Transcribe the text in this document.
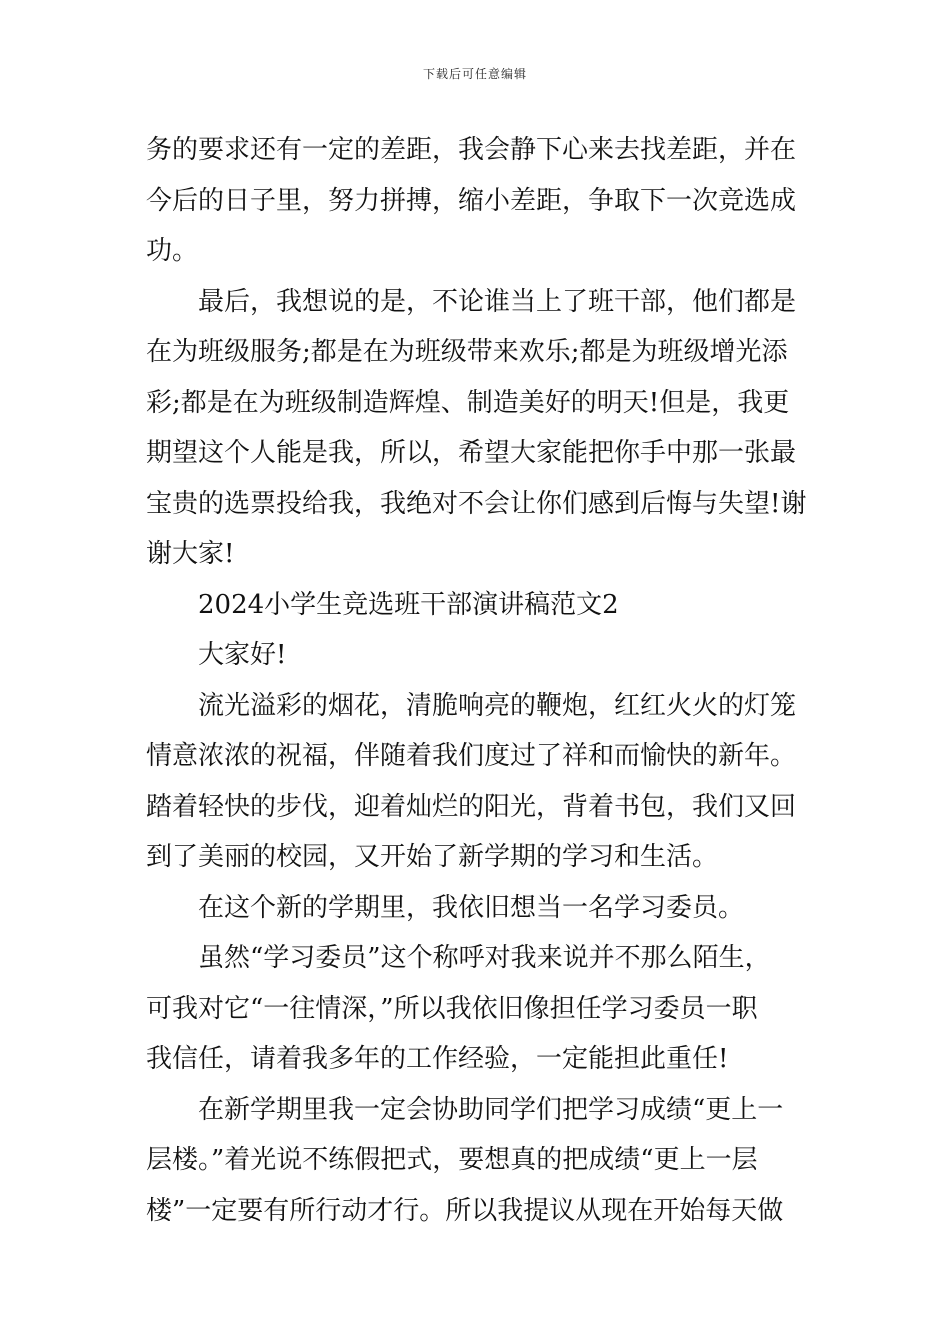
下载后可任意编辑
务的要求还有一定的差距，我会静下心来去找差距，并在
今后的日子里，努力拼搏，缩小差距，争取下一次竞选成
功。
最后，我想说的是，不论谁当上了班干部，他们都是
在为班级服务;都是在为班级带来欢乐;都是为班级增光添
彩;都是在为班级制造辉煌、制造美好的明天!但是，我更
期望这个人能是我，所以，希望大家能把你手中那一张最
宝贵的选票投给我，我绝对不会让你们感到后悔与失望!谢
谢大家!
2024小学生竞选班干部演讲稿范文2
大家好!
流光溢彩的烟花，清脆响亮的鞭炮，红红火火的灯笼
情意浓浓的祝福，伴随着我们度过了祥和而愉快的新年。
踏着轻快的步伐，迎着灿烂的阳光，背着书包，我们又回
到了美丽的校园，又开始了新学期的学习和生活。
在这个新的学期里，我依旧想当一名学习委员。
虽然“学习委员”这个称呼对我来说并不那么陌生，
可我对它“一往情深，”所以我依旧像担任学习委员一职
我信任，请着我多年的工作经验，一定能担此重任!
在新学期里我一定会协助同学们把学习成绩“更上一
层楼。”着光说不练假把式，要想真的把成绩“更上一层
楼”一定要有所行动才行。所以我提议从现在开始每天做
